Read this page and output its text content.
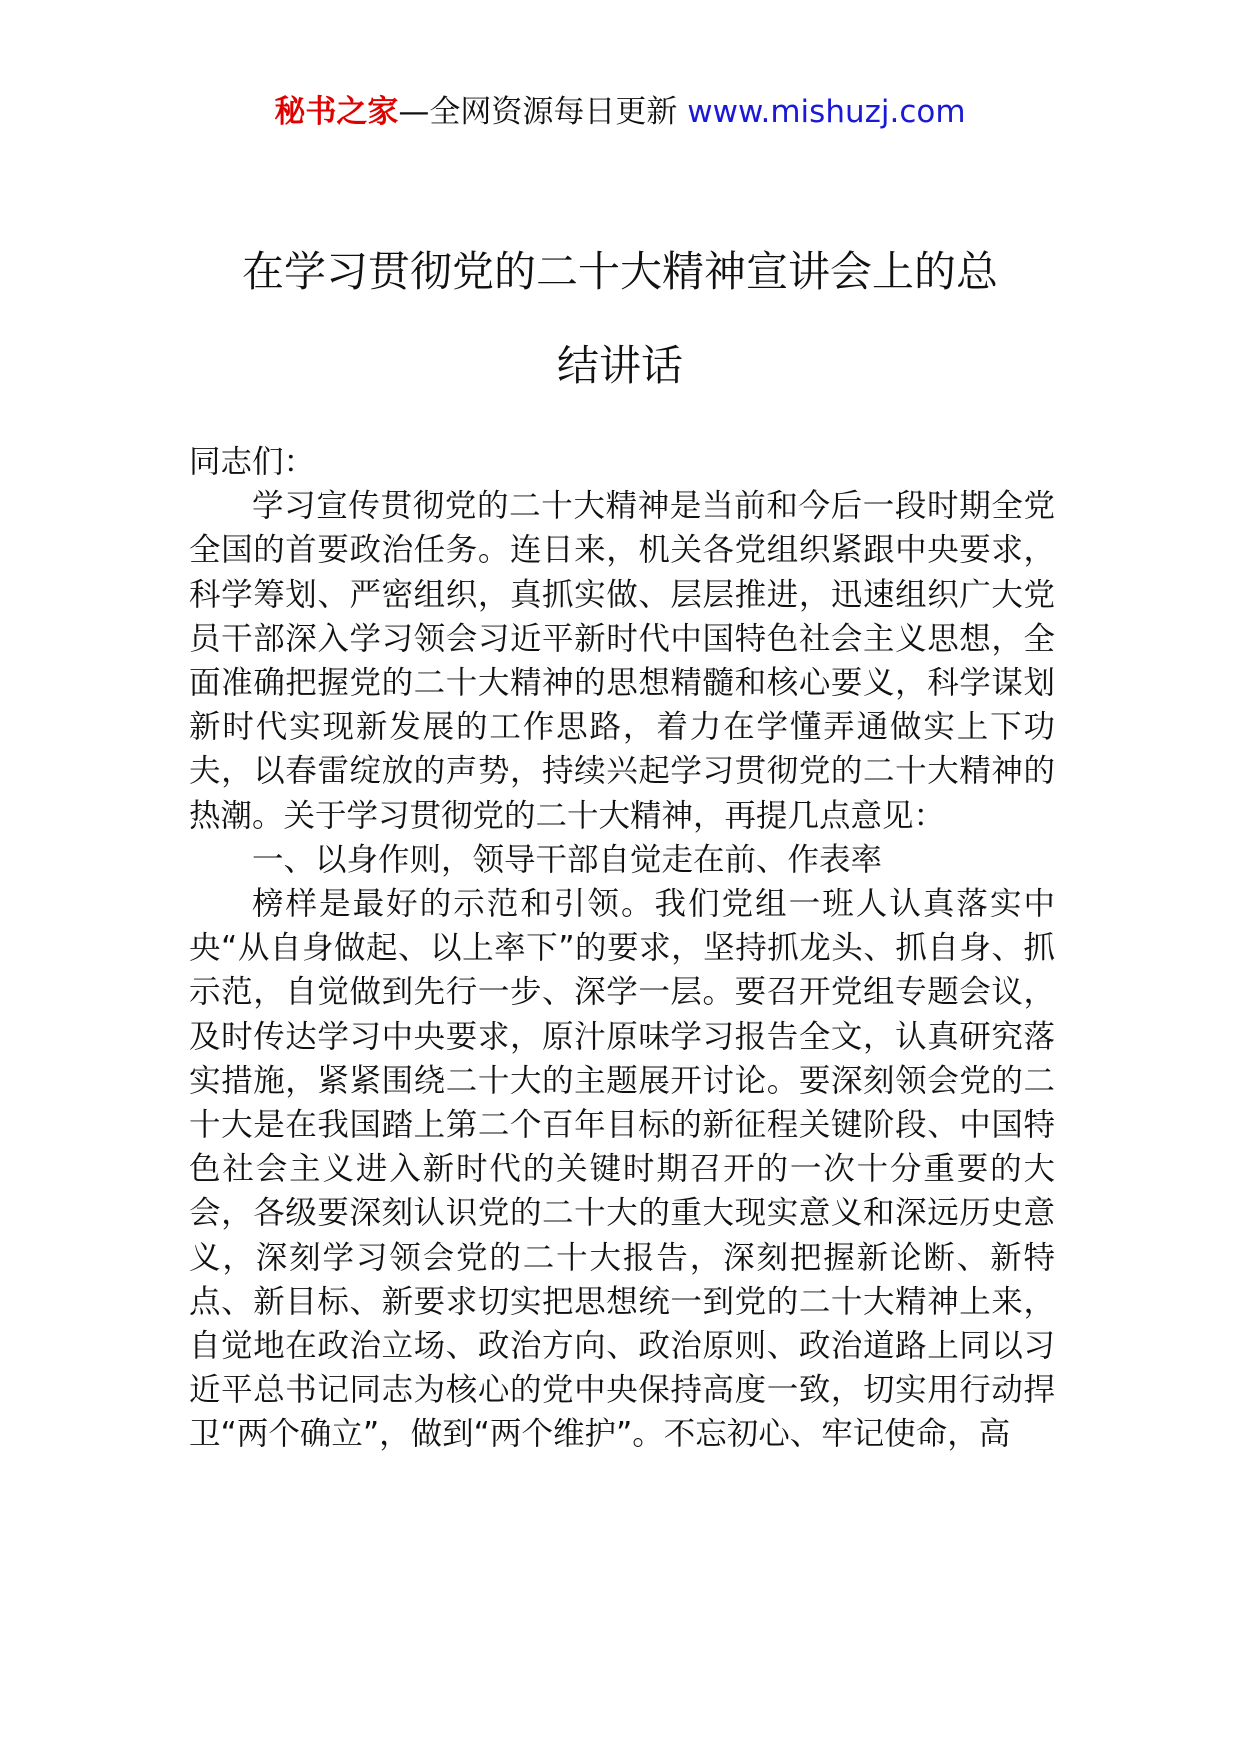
秘书之家—全网资源每日更新 www.mishuzj.com
在学习贯彻党的二十大精神宣讲会上的总
结讲话

同志们：

学习宣传贯彻党的二十大精神是当前和今后一段时期全党全国的首要政治任务。连日来，机关各党组织紧跟中央要求，科学筹划、严密组织，真抓实做、层层推进，迅速组织广大党员干部深入学习领会习近平新时代中国特色社会主义思想，全面准确把握党的二十大精神的思想精髓和核心要义，科学谋划新时代实现新发展的工作思路，着力在学懂弄通做实上下功夫，以春雷绽放的声势，持续兴起学习贯彻党的二十大精神的热潮。关于学习贯彻党的二十大精神，再提几点意见：

一、以身作则，领导干部自觉走在前、作表率

榜样是最好的示范和引领。我们党组一班人认真落实中央“从自身做起、以上率下”的要求，坚持抓龙头、抓自身、抓示范，自觉做到先行一步、深学一层。要召开党组专题会议，及时传达学习中央要求，原汁原味学习报告全文，认真研究落实措施，紧紧围绕二十大的主题展开讨论。要深刻领会党的二十大是在我国踏上第二个百年目标的新征程关键阶段、中国特色社会主义进入新时代的关键时期召开的一次十分重要的大会，各级要深刻认识党的二十大的重大现实意义和深远历史意义，深刻学习领会党的二十大报告，深刻把握新论断、新特点、新目标、新要求切实把思想统一到党的二十大精神上来，自觉地在政治立场、政治方向、政治原则、政治道路上同以习近平总书记同志为核心的党中央保持高度一致，切实用行动捍卫“两个确立”，做到“两个维护”。不忘初心、牢记使命，高
